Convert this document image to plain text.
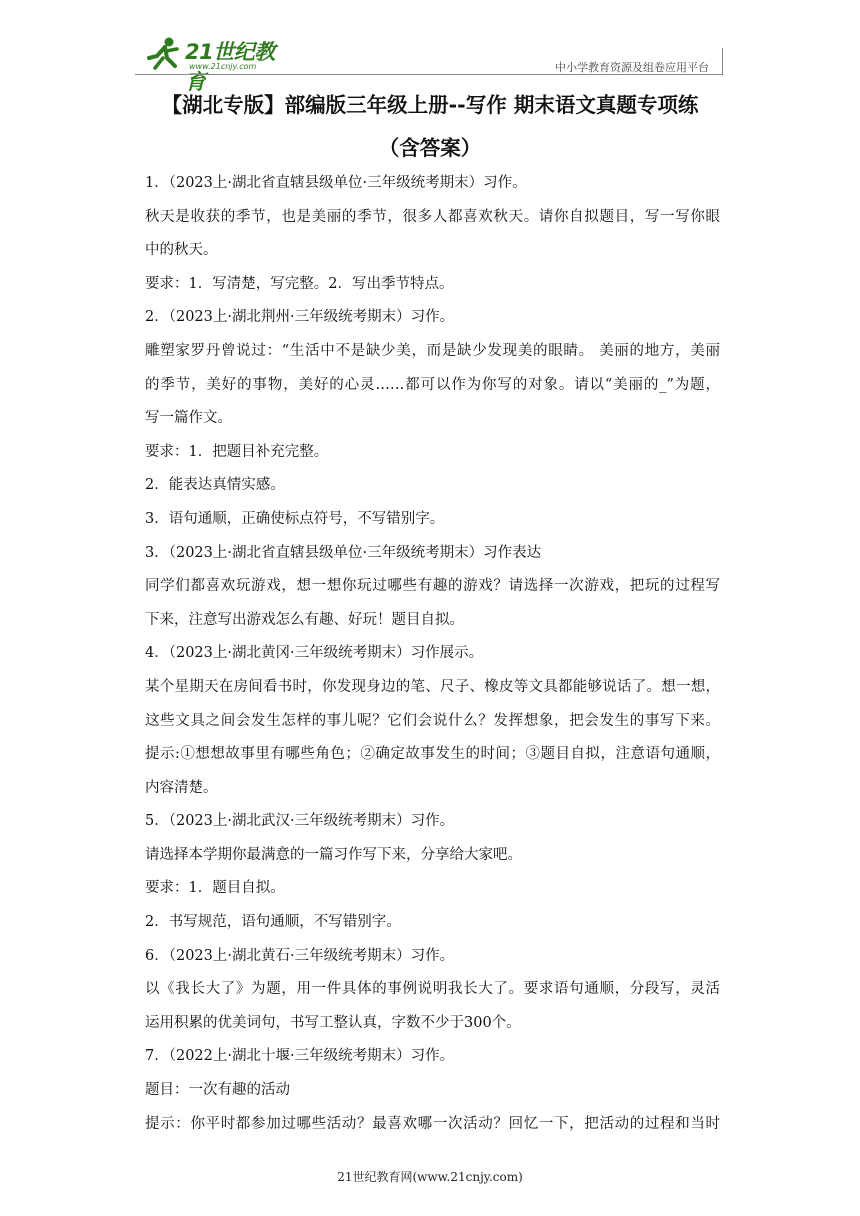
21世纪教育
www.21cnjy.com	中小学教育资源及组卷应用平台
【湖北专版】部编版三年级上册--写作 期末语文真题专项练
（含答案）
1．（2023上·湖北省直辖县级单位·三年级统考期末）习作。
秋天是收获的季节，也是美丽的季节，很多人都喜欢秋天。请你自拟题目，写一写你眼
中的秋天。
要求：1．写清楚，写完整。2．写出季节特点。
2．（2023上·湖北荆州·三年级统考期末）习作。
雕塑家罗丹曾说过：“生活中不是缺少美，而是缺少发现美的眼睛。 美丽的地方，美丽
的季节，美好的事物，美好的心灵……都可以作为你写的对象。请以“美丽的_”为题，
写一篇作文。
要求：1．把题目补充完整。
2．能表达真情实感。
3．语句通顺，正确使标点符号，不写错别字。
3．（2023上·湖北省直辖县级单位·三年级统考期末）习作表达
同学们都喜欢玩游戏，想一想你玩过哪些有趣的游戏？请选择一次游戏，把玩的过程写
下来，注意写出游戏怎么有趣、好玩！题目自拟。
4．（2023上·湖北黄冈·三年级统考期末）习作展示。
某个星期天在房间看书时，你发现身边的笔、尺子、橡皮等文具都能够说话了。想一想，
这些文具之间会发生怎样的事儿呢？它们会说什么？发挥想象，把会发生的事写下来。
提示:①想想故事里有哪些角色；②确定故事发生的时间；③题目自拟，注意语句通顺，
内容清楚。
5．（2023上·湖北武汉·三年级统考期末）习作。
请选择本学期你最满意的一篇习作写下来，分享给大家吧。
要求：1．题目自拟。
2．书写规范，语句通顺，不写错别字。
6．（2023上·湖北黄石·三年级统考期末）习作。
以《我长大了》为题，用一件具体的事例说明我长大了。要求语句通顺，分段写，灵活
运用积累的优美词句，书写工整认真，字数不少于300个。
7．（2022上·湖北十堰·三年级统考期末）习作。
题目：一次有趣的活动
提示：你平时都参加过哪些活动？最喜欢哪一次活动？回忆一下，把活动的过程和当时
21世纪教育网(www.21cnjy.com)
